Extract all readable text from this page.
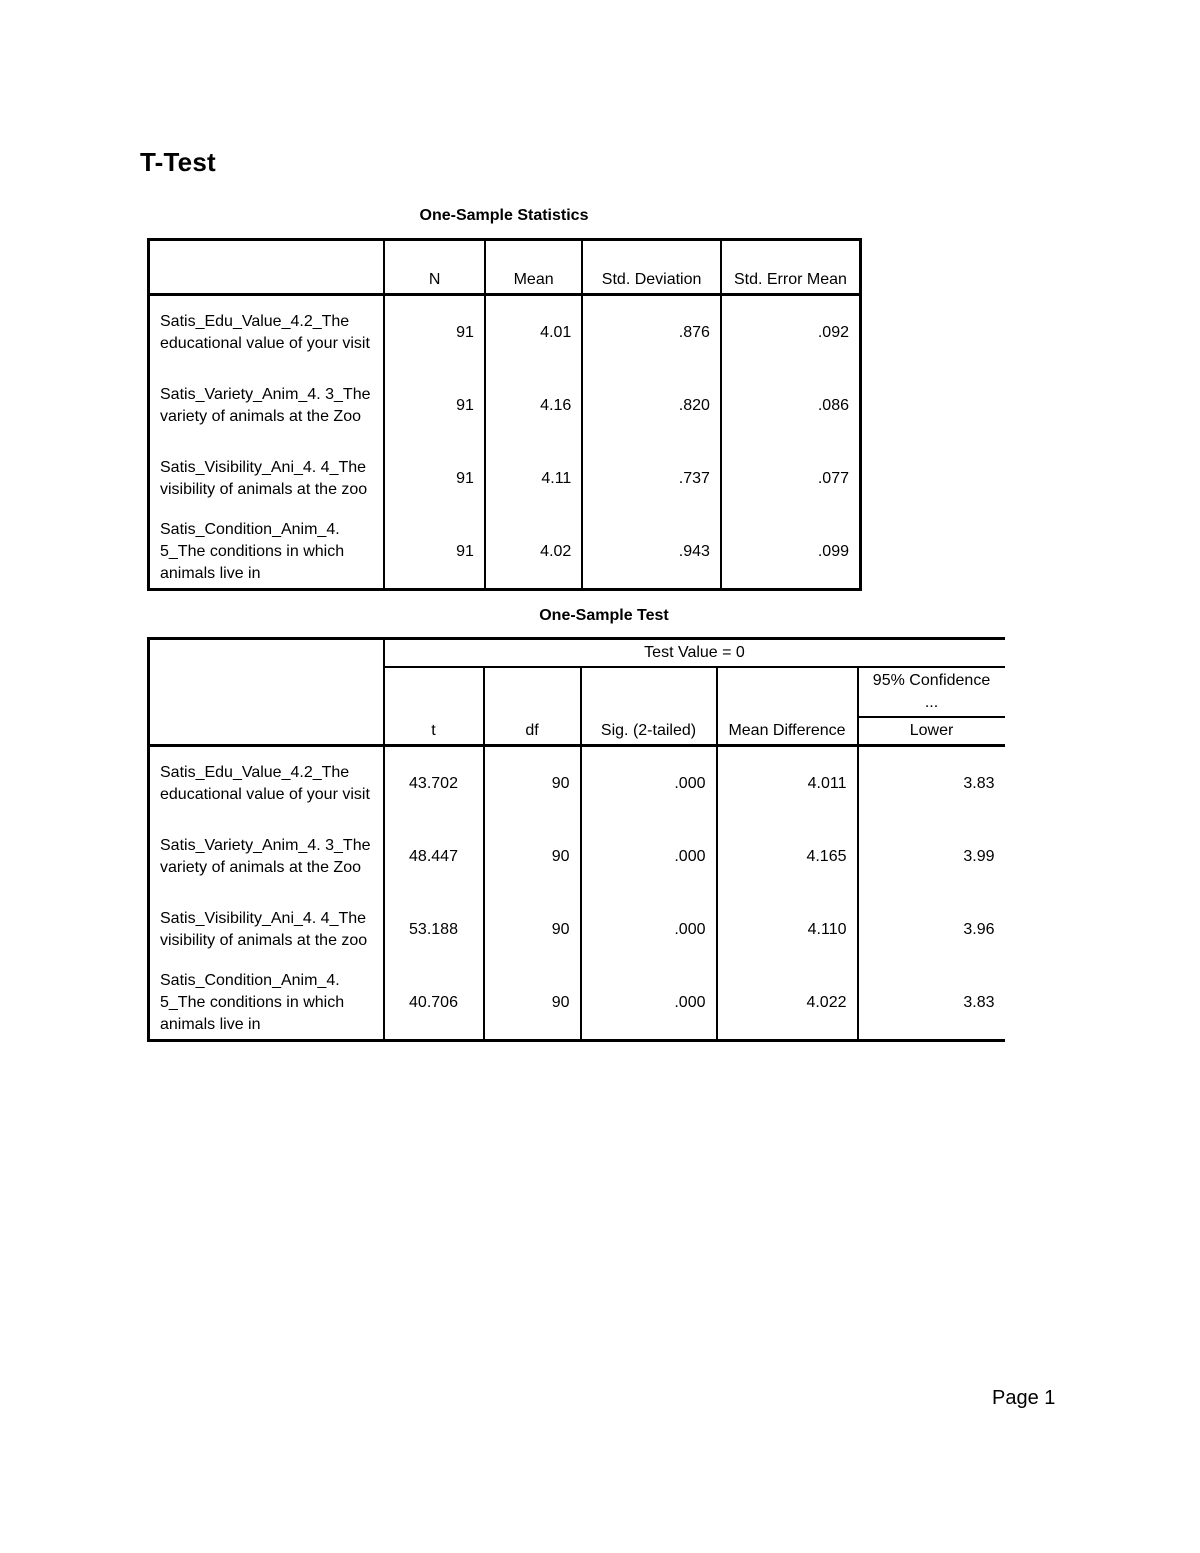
T-Test
One-Sample Statistics
	N	Mean	Std. Deviation	Std. Error Mean
Satis_Edu_Value_4.2_The educational value of your visit	91	4.01	.876	.092
Satis_Variety_Anim_4. 3_The variety of animals at the Zoo	91	4.16	.820	.086
Satis_Visibility_Ani_4. 4_The visibility of animals at the zoo	91	4.11	.737	.077
Satis_Condition_Anim_4. 5_The conditions in which animals live in	91	4.02	.943	.099
One-Sample Test
	Test Value = 0				
	t	df	Sig. (2-tailed)	Mean Difference	95% Confidence ...
					Lower
Satis_Edu_Value_4.2_The educational value of your visit	43.702	90	.000	4.011	3.83
Satis_Variety_Anim_4. 3_The variety of animals at the Zoo	48.447	90	.000	4.165	3.99
Satis_Visibility_Ani_4. 4_The visibility of animals at the zoo	53.188	90	.000	4.110	3.96
Satis_Condition_Anim_4. 5_The conditions in which animals live in	40.706	90	.000	4.022	3.83
Page 1
